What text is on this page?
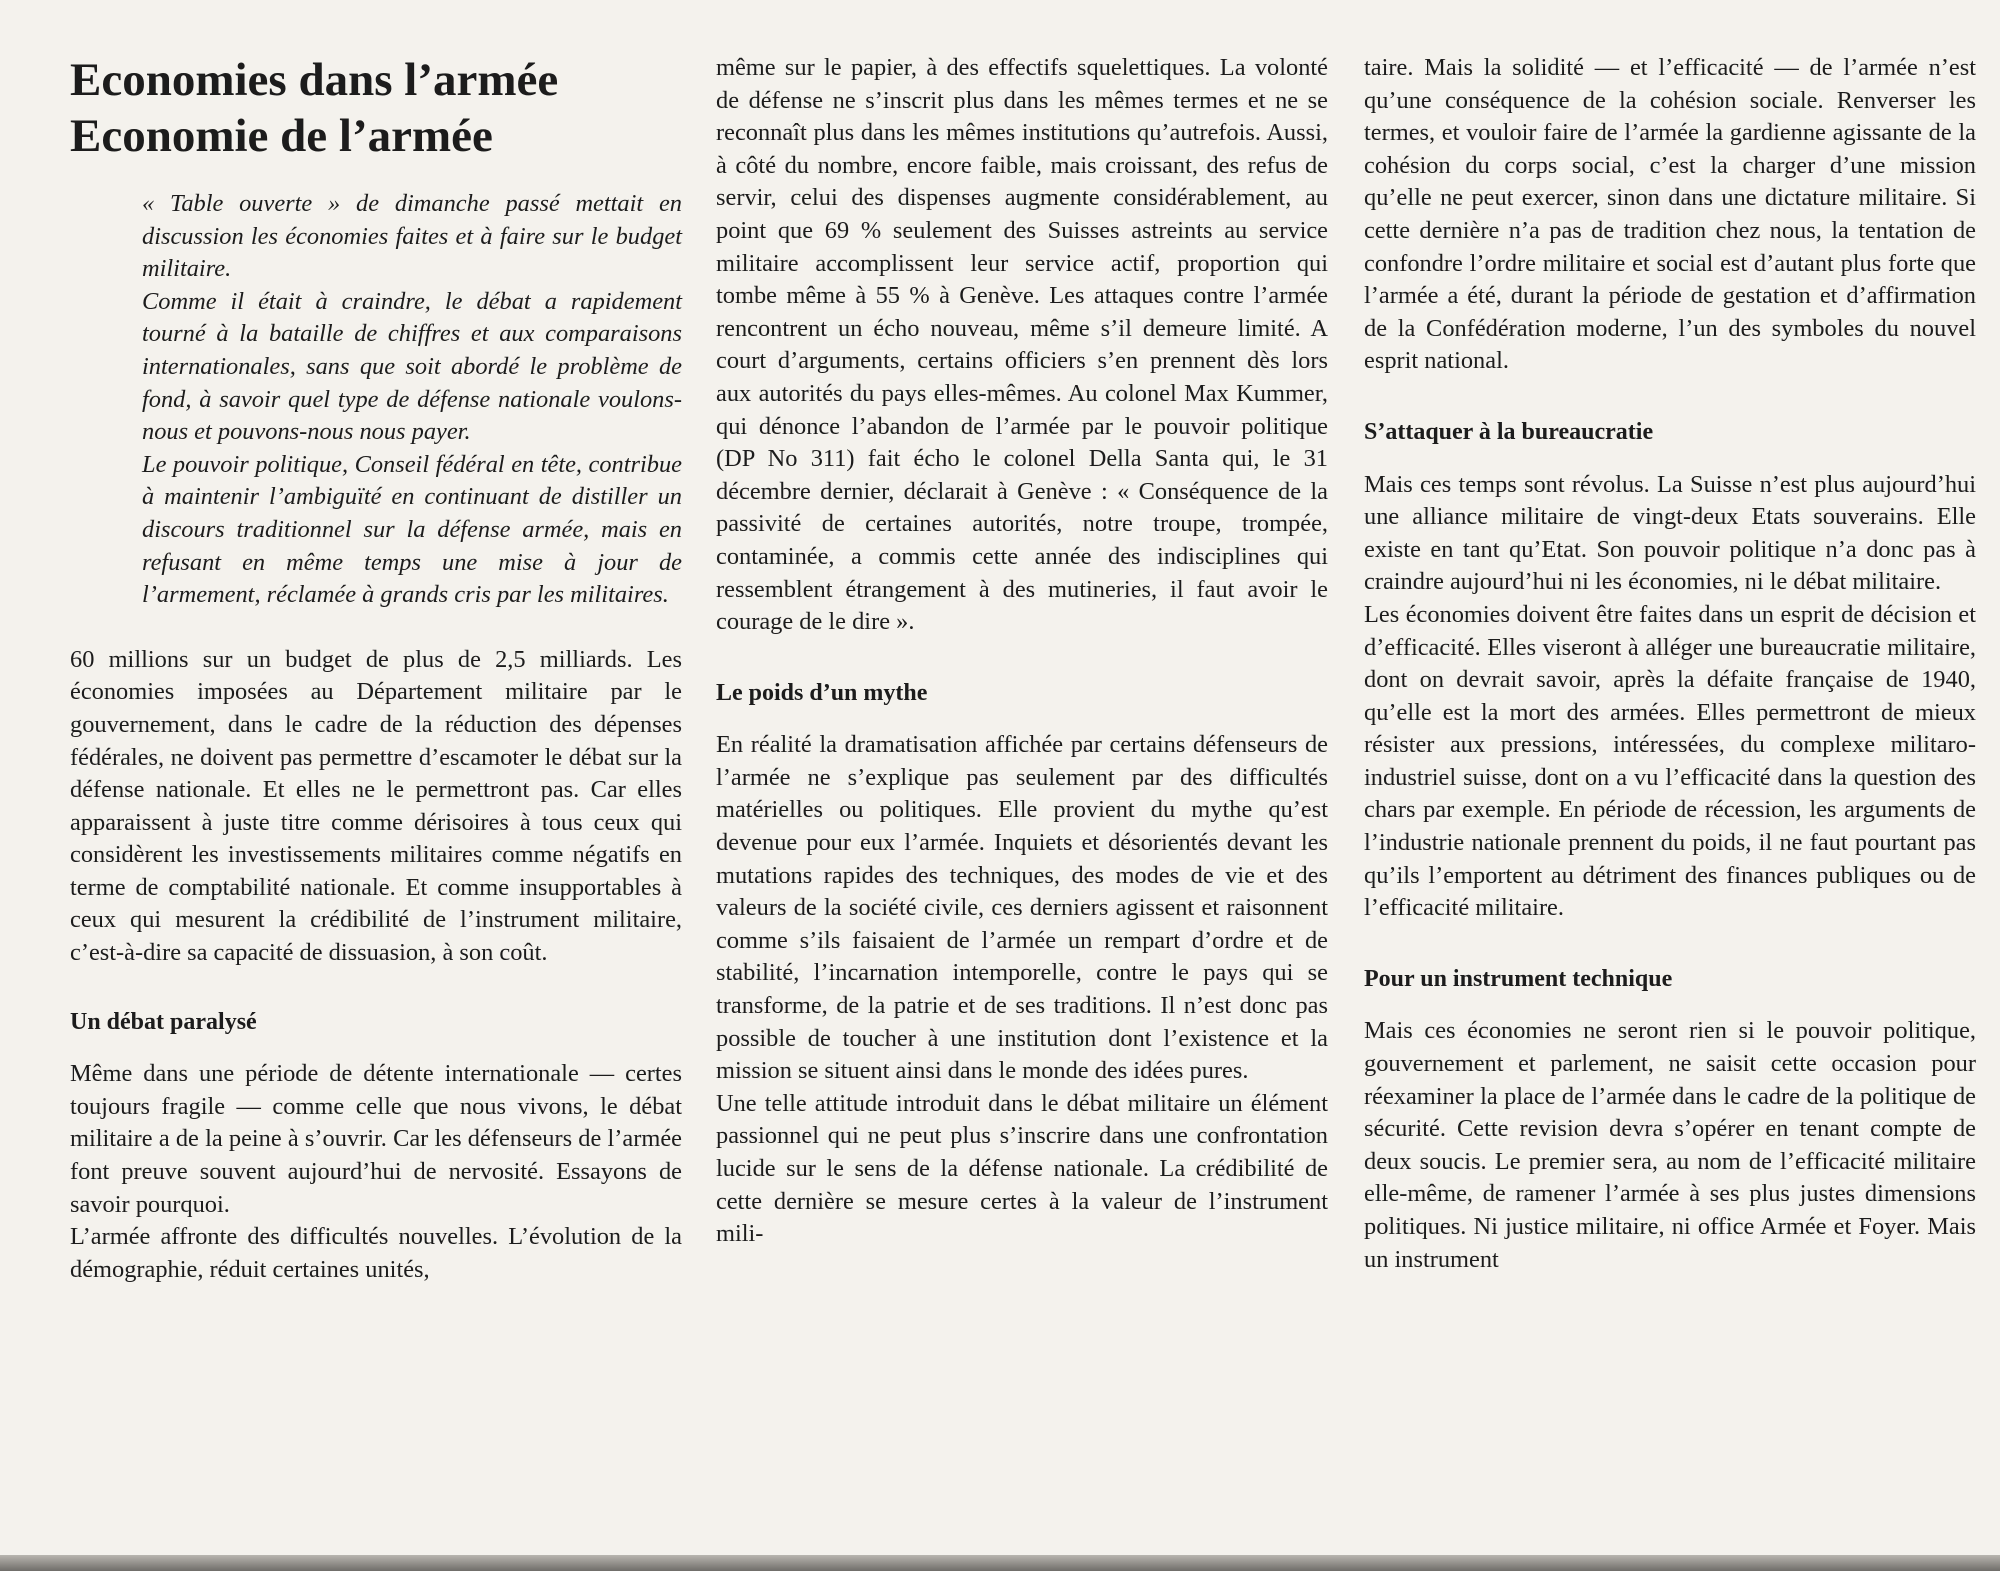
Economies dans l’armée
Economie de l’armée

« Table ouverte » de dimanche passé mettait en discussion les économies faites et à faire sur le budget militaire.

Comme il était à craindre, le débat a rapidement tourné à la bataille de chiffres et aux comparaisons internationales, sans que soit abordé le problème de fond, à savoir quel type de défense nationale voulons-nous et pouvons-nous nous payer.

Le pouvoir politique, Conseil fédéral en tête, contribue à maintenir l’ambiguïté en continuant de distiller un discours traditionnel sur la défense armée, mais en refusant en même temps une mise à jour de l’armement, réclamée à grands cris par les militaires.

60 millions sur un budget de plus de 2,5 milliards. Les économies imposées au Département militaire par le gouvernement, dans le cadre de la réduction des dépenses fédérales, ne doivent pas permettre d’escamoter le débat sur la défense nationale. Et elles ne le permettront pas. Car elles apparaissent à juste titre comme dérisoires à tous ceux qui considèrent les investissements militaires comme négatifs en terme de comptabilité nationale. Et comme insupportables à ceux qui mesurent la crédibilité de l’instrument militaire, c’est-à-dire sa capacité de dissuasion, à son coût.

Un débat paralysé

Même dans une période de détente internationale — certes toujours fragile — comme celle que nous vivons, le débat militaire a de la peine à s’ouvrir. Car les défenseurs de l’armée font preuve souvent aujourd’hui de nervosité. Essayons de savoir pourquoi.

L’armée affronte des difficultés nouvelles. L’évolution de la démographie, réduit certaines unités,

même sur le papier, à des effectifs squelettiques. La volonté de défense ne s’inscrit plus dans les mêmes termes et ne se reconnaît plus dans les mêmes institutions qu’autrefois. Aussi, à côté du nombre, encore faible, mais croissant, des refus de servir, celui des dispenses augmente considérablement, au point que 69 % seulement des Suisses astreints au service militaire accomplissent leur service actif, proportion qui tombe même à 55 % à Genève. Les attaques contre l’armée rencontrent un écho nouveau, même s’il demeure limité. A court d’arguments, certains officiers s’en prennent dès lors aux autorités du pays elles-mêmes. Au colonel Max Kummer, qui dénonce l’abandon de l’armée par le pouvoir politique (DP No 311) fait écho le colonel Della Santa qui, le 31 décembre dernier, déclarait à Genève : « Conséquence de la passivité de certaines autorités, notre troupe, trompée, contaminée, a commis cette année des indisciplines qui ressemblent étrangement à des mutineries, il faut avoir le courage de le dire ».

Le poids d’un mythe

En réalité la dramatisation affichée par certains défenseurs de l’armée ne s’explique pas seulement par des difficultés matérielles ou politiques. Elle provient du mythe qu’est devenue pour eux l’armée. Inquiets et désorientés devant les mutations rapides des techniques, des modes de vie et des valeurs de la société civile, ces derniers agissent et raisonnent comme s’ils faisaient de l’armée un rempart d’ordre et de stabilité, l’incarnation intemporelle, contre le pays qui se transforme, de la patrie et de ses traditions. Il n’est donc pas possible de toucher à une institution dont l’existence et la mission se situent ainsi dans le monde des idées pures.

Une telle attitude introduit dans le débat militaire un élément passionnel qui ne peut plus s’inscrire dans une confrontation lucide sur le sens de la défense nationale. La crédibilité de cette dernière se mesure certes à la valeur de l’instrument mili-

taire. Mais la solidité — et l’efficacité — de l’armée n’est qu’une conséquence de la cohésion sociale. Renverser les termes, et vouloir faire de l’armée la gardienne agissante de la cohésion du corps social, c’est la charger d’une mission qu’elle ne peut exercer, sinon dans une dictature militaire. Si cette dernière n’a pas de tradition chez nous, la tentation de confondre l’ordre militaire et social est d’autant plus forte que l’armée a été, durant la période de gestation et d’affirmation de la Confédération moderne, l’un des symboles du nouvel esprit national.

S’attaquer à la bureaucratie

Mais ces temps sont révolus. La Suisse n’est plus aujourd’hui une alliance militaire de vingt-deux Etats souverains. Elle existe en tant qu’Etat. Son pouvoir politique n’a donc pas à craindre aujourd’hui ni les économies, ni le débat militaire.

Les économies doivent être faites dans un esprit de décision et d’efficacité. Elles viseront à alléger une bureaucratie militaire, dont on devrait savoir, après la défaite française de 1940, qu’elle est la mort des armées. Elles permettront de mieux résister aux pressions, intéressées, du complexe militaro-industriel suisse, dont on a vu l’efficacité dans la question des chars par exemple. En période de récession, les arguments de l’industrie nationale prennent du poids, il ne faut pourtant pas qu’ils l’emportent au détriment des finances publiques ou de l’efficacité militaire.

Pour un instrument technique

Mais ces économies ne seront rien si le pouvoir politique, gouvernement et parlement, ne saisit cette occasion pour réexaminer la place de l’armée dans le cadre de la politique de sécurité. Cette revision devra s’opérer en tenant compte de deux soucis. Le premier sera, au nom de l’efficacité militaire elle-même, de ramener l’armée à ses plus justes dimensions politiques. Ni justice militaire, ni office Armée et Foyer. Mais un instrument
